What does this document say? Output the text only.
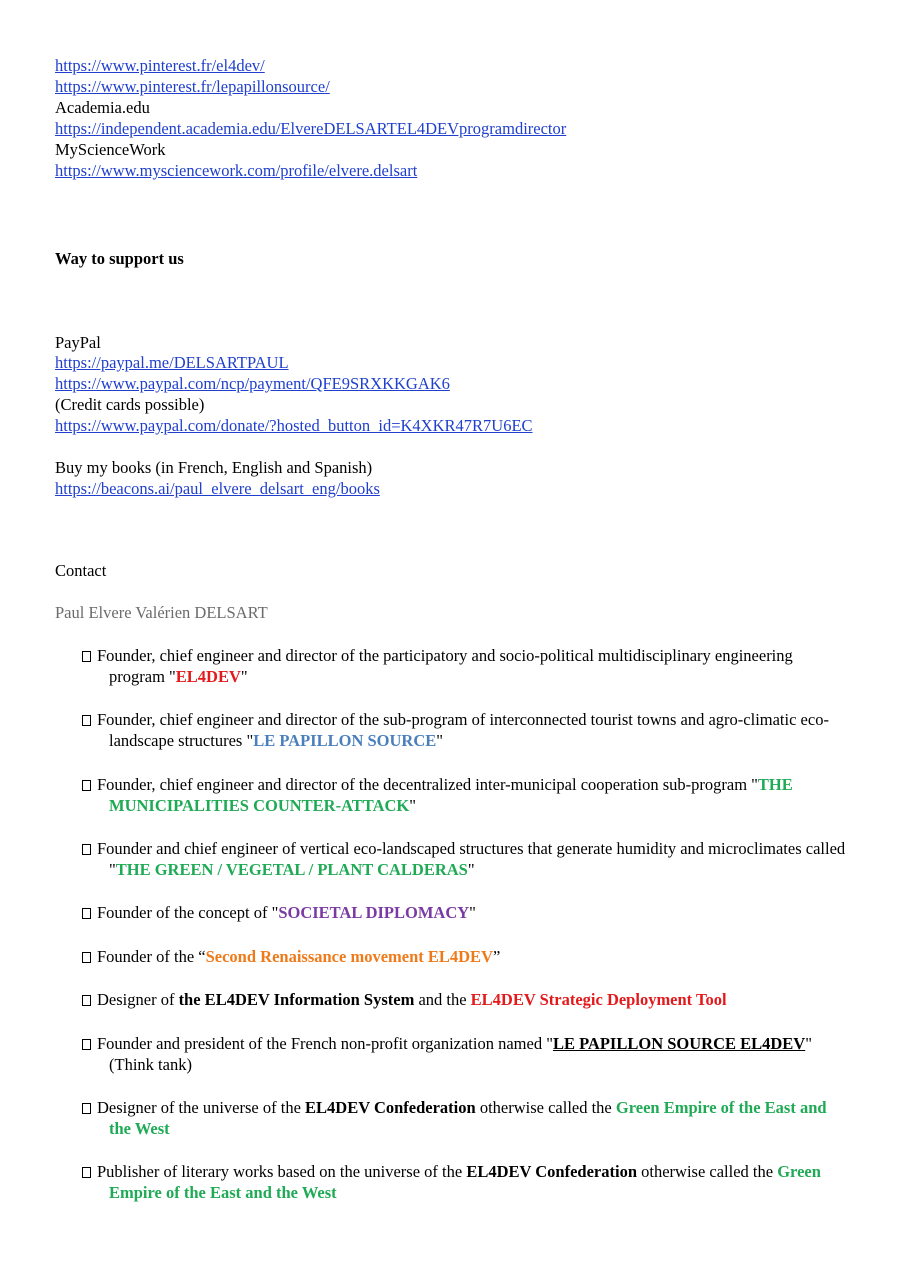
https://www.pinterest.fr/el4dev/
https://www.pinterest.fr/lepapillonsource/
Academia.edu
https://independent.academia.edu/ElvereDELSARTEL4DEVprogramdirector
MyScienceWork
https://www.mysciencework.com/profile/elvere.delsart
Way to support us
PayPal
https://paypal.me/DELSARTPAUL
https://www.paypal.com/ncp/payment/QFE9SRXKKGAK6
(Credit cards possible)
https://www.paypal.com/donate/?hosted_button_id=K4XKR47R7U6EC
Buy my books (in French, English and Spanish)
https://beacons.ai/paul_elvere_delsart_eng/books
Contact
Paul Elvere Valérien DELSART
Founder, chief engineer and director of the participatory and socio-political multidisciplinary engineering program "EL4DEV"
Founder, chief engineer and director of the sub-program of interconnected tourist towns and agro-climatic eco-landscape structures "LE PAPILLON SOURCE"
Founder, chief engineer and director of the decentralized inter-municipal cooperation sub-program "THE MUNICIPALITIES COUNTER-ATTACK"
Founder and chief engineer of vertical eco-landscaped structures that generate humidity and microclimates called "THE GREEN / VEGETAL / PLANT CALDERAS"
Founder of the concept of "SOCIETAL DIPLOMACY"
Founder of the “Second Renaissance movement EL4DEV”
Designer of the EL4DEV Information System and the EL4DEV Strategic Deployment Tool
Founder and president of the French non-profit organization named "LE PAPILLON SOURCE EL4DEV" (Think tank)
Designer of the universe of the EL4DEV Confederation otherwise called the Green Empire of the East and the West
Publisher of literary works based on the universe of the EL4DEV Confederation otherwise called the Green Empire of the East and the West
